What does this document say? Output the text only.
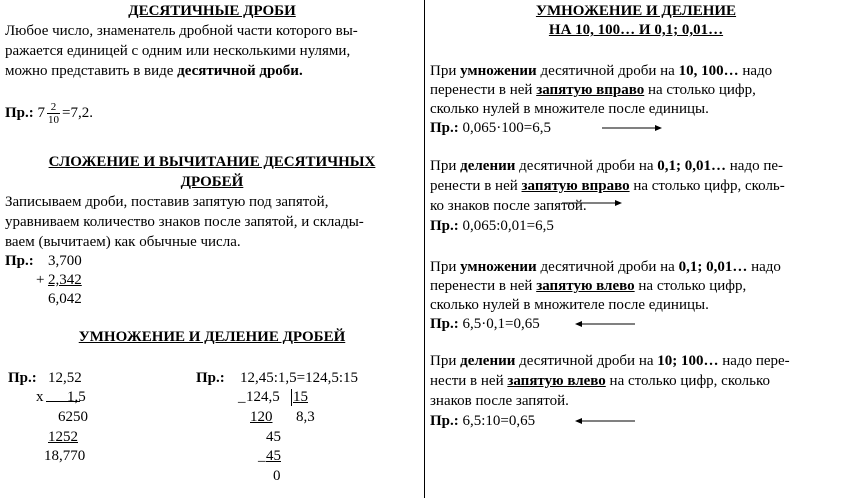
ДЕСЯТИЧНЫЕ ДРОБИ
Любое число, знаменатель дробной части которого вы-
ражается единицей с одним или несколькими нулями,
можно представить в виде десятичной дроби.
Пр.: $7 \frac{2}{10} =7,2$.
СЛОЖЕНИЕ И ВЫЧИТАНИЕ ДЕСЯТИЧНЫХ
ДРОБЕЙ
Записываем дроби, поставив запятую под запятой,
уравниваем количество знаков после запятой, и склады-
ваем (вычитаем) как обычные числа.
Пр.: 3,700
+ 2,342
6,042
УМНОЖЕНИЕ И ДЕЛЕНИЕ ДРОБЕЙ
Пр.: 12,52
x 1,5
6250
1252
18,770
Пр.: 12,45:1,5=124,5:15
_ 124,5 15
120 8,3
45
_ 45
0
УМНОЖЕНИЕ И ДЕЛЕНИЕ
НА 10, 100… И 0,1; 0,01…
При умножении десятичной дроби на 10, 100… надо
перенести в ней запятую вправо на столько цифр,
сколько нулей в множителе после единицы.
Пр.: 0,065·100=6,5
При делении десятичной дроби на 0,1; 0,01… надо пе-
ренести в ней запятую вправо на столько цифр, сколь-
ко знаков после запятой.
Пр.: 0,065:0,01=6,5
При умножении десятичной дроби на 0,1; 0,01… надо
перенести в ней запятую влево на столько цифр,
сколько нулей в множителе после единицы.
Пр.: 6,5·0,1=0,65
При делении десятичной дроби на 10; 100… надо пере-
нести в ней запятую влево на столько цифр, сколько
знаков после запятой.
Пр.: 6,5:10=0,65
